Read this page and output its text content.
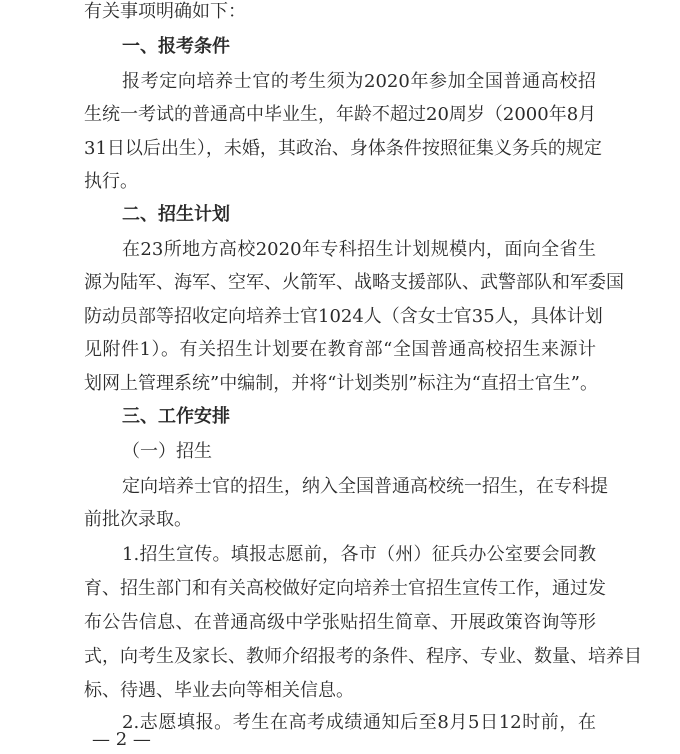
有关事项明确如下：

一、报考条件

报考定向培养士官的考生须为2020年参加全国普通高校招

生统一考试的普通高中毕业生，年龄不超过20周岁（2000年8月

31日以后出生），未婚，其政治、身体条件按照征集义务兵的规定

执行。

二、招生计划

在23所地方高校2020年专科招生计划规模内，面向全省生

源为陆军、海军、空军、火箭军、战略支援部队、武警部队和军委国

防动员部等招收定向培养士官1024人（含女士官35人，具体计划

见附件1）。有关招生计划要在教育部“全国普通高校招生来源计

划网上管理系统”中编制，并将“计划类别”标注为“直招士官生”。

三、工作安排

（一）招生

定向培养士官的招生，纳入全国普通高校统一招生，在专科提

前批次录取。

1.招生宣传。填报志愿前，各市（州）征兵办公室要会同教

育、招生部门和有关高校做好定向培养士官招生宣传工作，通过发

布公告信息、在普通高级中学张贴招生简章、开展政策咨询等形

式，向考生及家长、教师介绍报考的条件、程序、专业、数量、培养目

标、待遇、毕业去向等相关信息。

2.志愿填报。考生在高考成绩通知后至8月5日12时前，在

— 2 —
